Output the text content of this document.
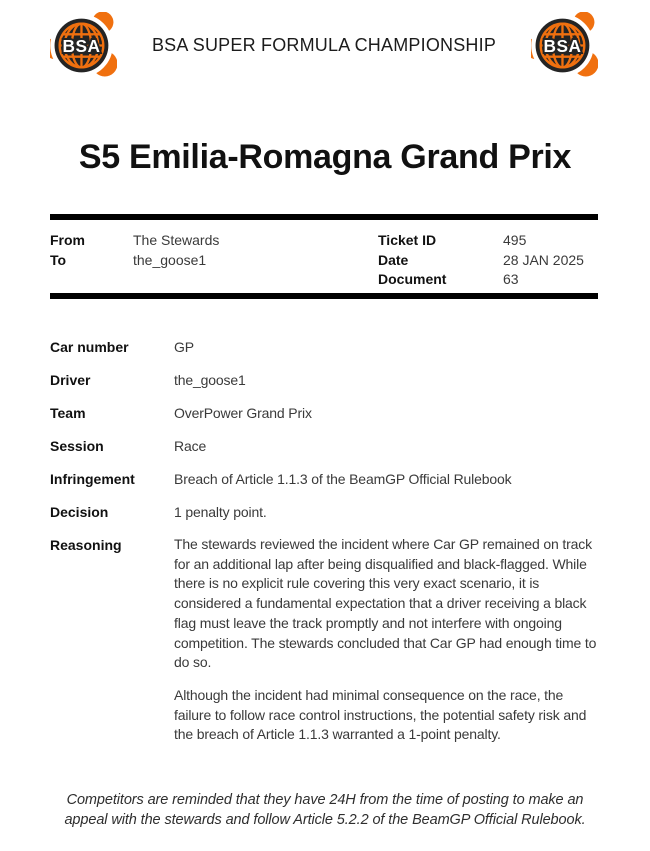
BSA	BSA SUPER FORMULA CHAMPIONSHIP	BSA
S5 Emilia-Romagna Grand Prix
From	The Stewards
To	the_goose1
Ticket ID	495
Date	28 JAN 2025
Document	63
Car number	GP
Driver	the_goose1
Team	OverPower Grand Prix
Session	Race
Infringement	Breach of Article 1.1.3 of the BeamGP Official Rulebook
Decision	1 penalty point.
Reasoning	The stewards reviewed the incident where Car GP remained on track for an additional lap after being disqualified and black-flagged. While there is no explicit rule covering this very exact scenario, it is considered a fundamental expectation that a driver receiving a black flag must leave the track promptly and not interfere with ongoing competition. The stewards concluded that Car GP had enough time to do so.

Although the incident had minimal consequence on the race, the failure to follow race control instructions, the potential safety risk and the breach of Article 1.1.3 warranted a 1-point penalty.

Competitors are reminded that they have 24H from the time of posting to make an appeal with the stewards and follow Article 5.2.2 of the BeamGP Official Rulebook.
